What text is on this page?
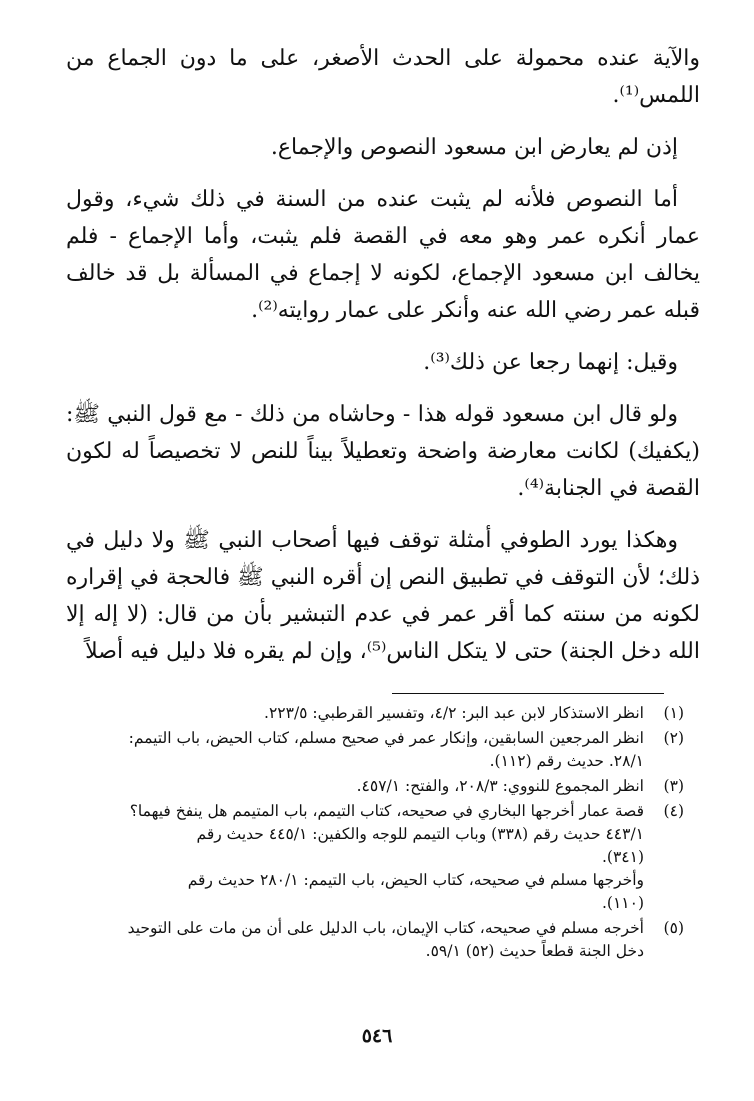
والآية عنده محمولة على الحدث الأصغر، على ما دون الجماع من اللمس⁽¹⁾.

إذن لم يعارض ابن مسعود النصوص والإجماع.

أما النصوص فلأنه لم يثبت عنده من السنة في ذلك شيء، وقول عمار أنكره عمر وهو معه في القصة فلم يثبت، وأما الإجماع - فلم يخالف ابن مسعود الإجماع، لكونه لا إجماع في المسألة بل قد خالف قبله عمر رضي الله عنه وأنكر على عمار روايته⁽²⁾.

وقيل: إنهما رجعا عن ذلك⁽³⁾.

ولو قال ابن مسعود قوله هذا - وحاشاه من ذلك - مع قول النبي ﷺ: (يكفيك) لكانت معارضة واضحة وتعطيلاً بيناً للنص لا تخصيصاً له لكون القصة في الجنابة⁽⁴⁾.

وهكذا يورد الطوفي أمثلة توقف فيها أصحاب النبي ﷺ ولا دليل في ذلك؛ لأن التوقف في تطبيق النص إن أقره النبي ﷺ فالحجة في إقراره لكونه من سنته كما أقر عمر في عدم التبشير بأن من قال: (لا إله إلا الله دخل الجنة) حتى لا يتكل الناس⁽⁵⁾، وإن لم يقره فلا دليل فيه أصلاً

(١)
انظر الاستذكار لابن عبد البر: ٤/٢، وتفسير القرطبي: ٢٢٣/٥.
(٢)
انظر المرجعين السابقين، وإنكار عمر في صحيح مسلم، كتاب الحيض، باب التيمم:
٢٨/١. حديث رقم (١١٢).
(٣)
انظر المجموع للنووي: ٢٠٨/٣، والفتح: ٤٥٧/١.
(٤)
قصة عمار أخرجها البخاري في صحيحه، كتاب التيمم، باب المتيمم هل ينفخ فيهما؟
٤٤٣/١ حديث رقم (٣٣٨) وباب التيمم للوجه والكفين: ٤٤٥/١ حديث رقم
(٣٤١).
وأخرجها مسلم في صحيحه، كتاب الحيض، باب التيمم: ٢٨٠/١ حديث رقم
(١١٠).
(٥)
أخرجه مسلم في صحيحه، كتاب الإيمان، باب الدليل على أن من مات على التوحيد
دخل الجنة قطعاً حديث (٥٢) ٥٩/١.
٥٤٦
